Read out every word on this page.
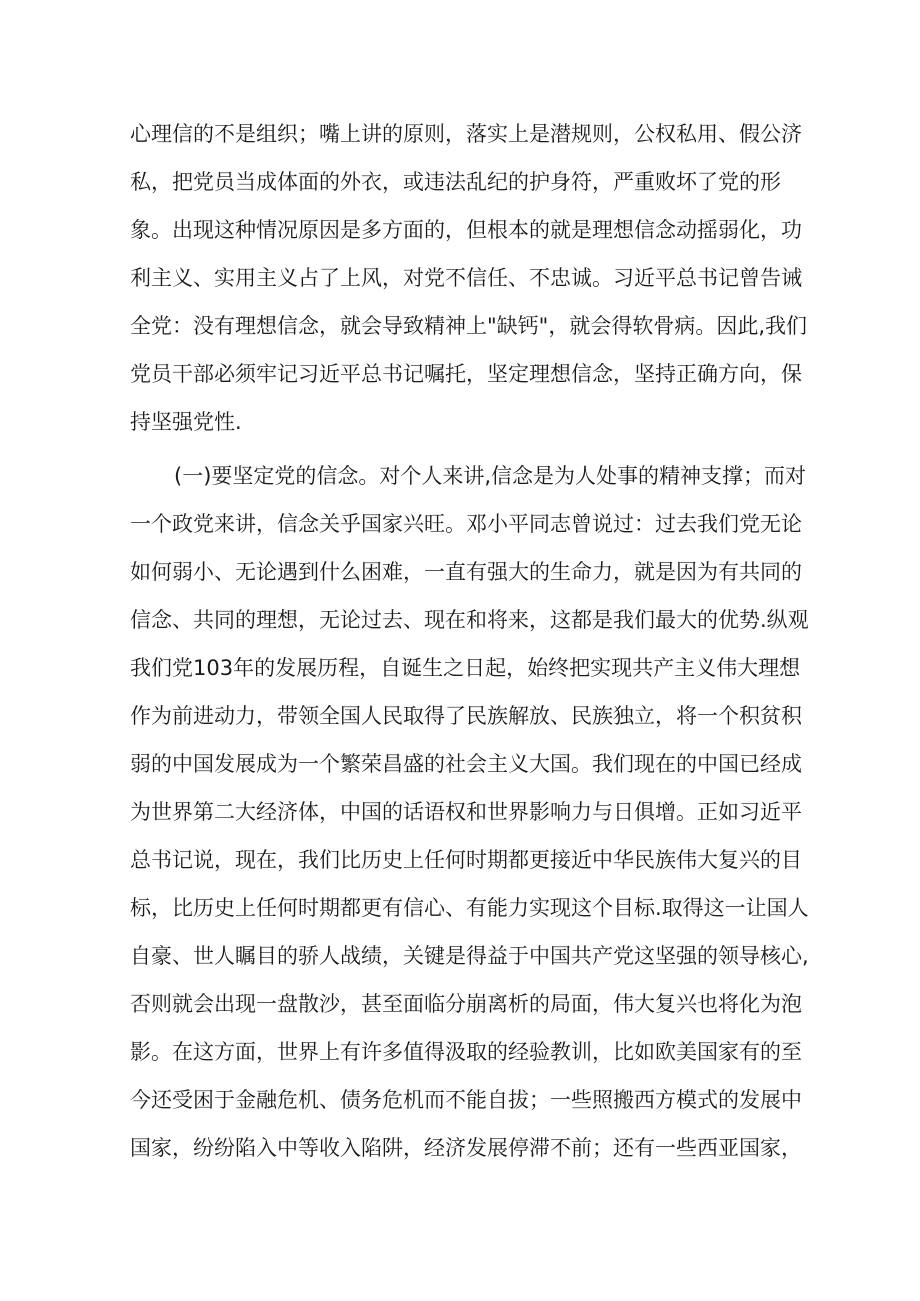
心理信的不是组织；嘴上讲的原则，落实上是潜规则，公权私用、假公济
私，把党员当成体面的外衣，或违法乱纪的护身符，严重败坏了党的形
象。出现这种情况原因是多方面的，但根本的就是理想信念动摇弱化，功
利主义、实用主义占了上风，对党不信任、不忠诚。习近平总书记曾告诫
全党：没有理想信念，就会导致精神上"缺钙"，就会得软骨病。因此,我们
党员干部必须牢记习近平总书记嘱托，坚定理想信念，坚持正确方向，保
持坚强党性.
(一)要坚定党的信念。对个人来讲,信念是为人处事的精神支撑；而对
一个政党来讲，信念关乎国家兴旺。邓小平同志曾说过：过去我们党无论
如何弱小、无论遇到什么困难，一直有强大的生命力，就是因为有共同的
信念、共同的理想，无论过去、现在和将来，这都是我们最大的优势.纵观
我们党103年的发展历程，自诞生之日起，始终把实现共产主义伟大理想
作为前进动力，带领全国人民取得了民族解放、民族独立，将一个积贫积
弱的中国发展成为一个繁荣昌盛的社会主义大国。我们现在的中国已经成
为世界第二大经济体，中国的话语权和世界影响力与日俱增。正如习近平
总书记说，现在，我们比历史上任何时期都更接近中华民族伟大复兴的目
标，比历史上任何时期都更有信心、有能力实现这个目标.取得这一让国人
自豪、世人瞩目的骄人战绩，关键是得益于中国共产党这坚强的领导核心,
否则就会出现一盘散沙，甚至面临分崩离析的局面，伟大复兴也将化为泡
影。在这方面，世界上有许多值得汲取的经验教训，比如欧美国家有的至
今还受困于金融危机、债务危机而不能自拔；一些照搬西方模式的发展中
国家，纷纷陷入中等收入陷阱，经济发展停滞不前；还有一些西亚国家，
